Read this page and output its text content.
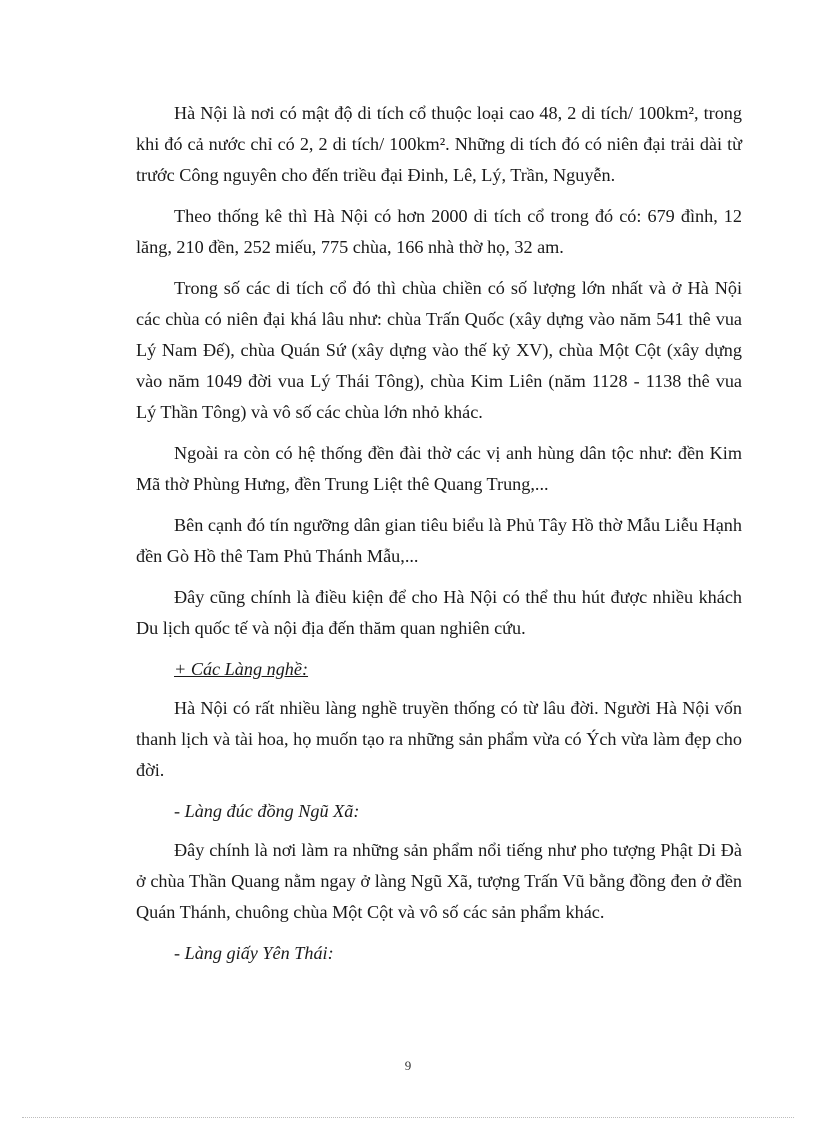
Hà Nội là nơi có mật độ di tích cổ thuộc loại cao 48, 2 di tích/ 100km², trong khi đó cả nước chỉ có 2, 2 di tích/ 100km². Những di tích đó có niên đại trải dài từ trước Công nguyên cho đến triều đại Đinh, Lê, Lý, Trần, Nguyễn.

Theo thống kê thì Hà Nội có hơn 2000 di tích cổ trong đó có: 679 đình, 12 lăng, 210 đền, 252 miếu, 775 chùa, 166 nhà thờ họ, 32 am.

Trong số các di tích cổ đó thì chùa chiền có số lượng lớn nhất và ở Hà Nội các chùa có niên đại khá lâu như: chùa Trấn Quốc (xây dựng vào năm 541 thê vua Lý Nam Đế), chùa Quán Sứ (xây dựng vào thế kỷ XV), chùa Một Cột (xây dựng vào năm 1049 đời vua Lý Thái Tông), chùa Kim Liên (năm 1128 - 1138 thê vua Lý Thần Tông) và vô số các chùa lớn nhỏ khác.

Ngoài ra còn có hệ thống đền đài thờ các vị anh hùng dân tộc như: đền Kim Mã thờ Phùng Hưng, đền Trung Liệt thê Quang Trung,...

Bên cạnh đó tín ngưỡng dân gian tiêu biểu là Phủ Tây Hồ thờ Mẫu Liễu Hạnh đền Gò Hồ thê Tam Phủ Thánh Mẫu,...

Đây cũng chính là điều kiện để cho Hà Nội có thể thu hút được nhiều khách Du lịch quốc tế và nội địa đến thăm quan nghiên cứu.

+ Các Làng nghề:

Hà Nội có rất nhiều làng nghề truyền thống có từ lâu đời. Người Hà Nội vốn thanh lịch và tài hoa, họ muốn tạo ra những sản phẩm vừa có Ých vừa làm đẹp cho đời.

- Làng đúc đồng Ngũ Xã:

Đây chính là nơi làm ra những sản phẩm nổi tiếng như pho tượng Phật Di Đà ở chùa Thần Quang nằm ngay ở làng Ngũ Xã, tượng Trấn Vũ bằng đồng đen ở đền Quán Thánh, chuông chùa Một Cột và vô số các sản phẩm khác.

- Làng giấy Yên Thái:

9
